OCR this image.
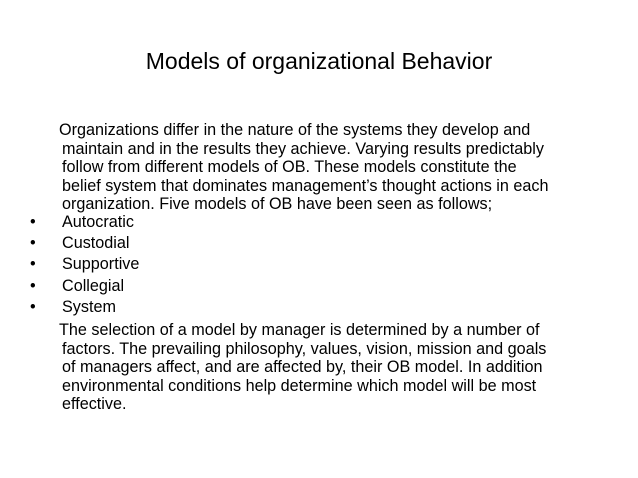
Models of organizational Behavior

Organizations differ in the nature of the systems they develop and
maintain and in the results they achieve. Varying results predictably
follow from different models of OB. These models constitute the
belief system that dominates management’s thought actions in each
organization. Five models of OB have been seen as follows;

•	Autocratic
•	Custodial
•	Supportive
•	Collegial
•	System

The selection of a model by manager is determined by a number of
factors. The prevailing philosophy, values, vision, mission and goals
of managers affect, and are affected by, their OB model. In addition
environmental conditions help determine which model will be most
effective.
